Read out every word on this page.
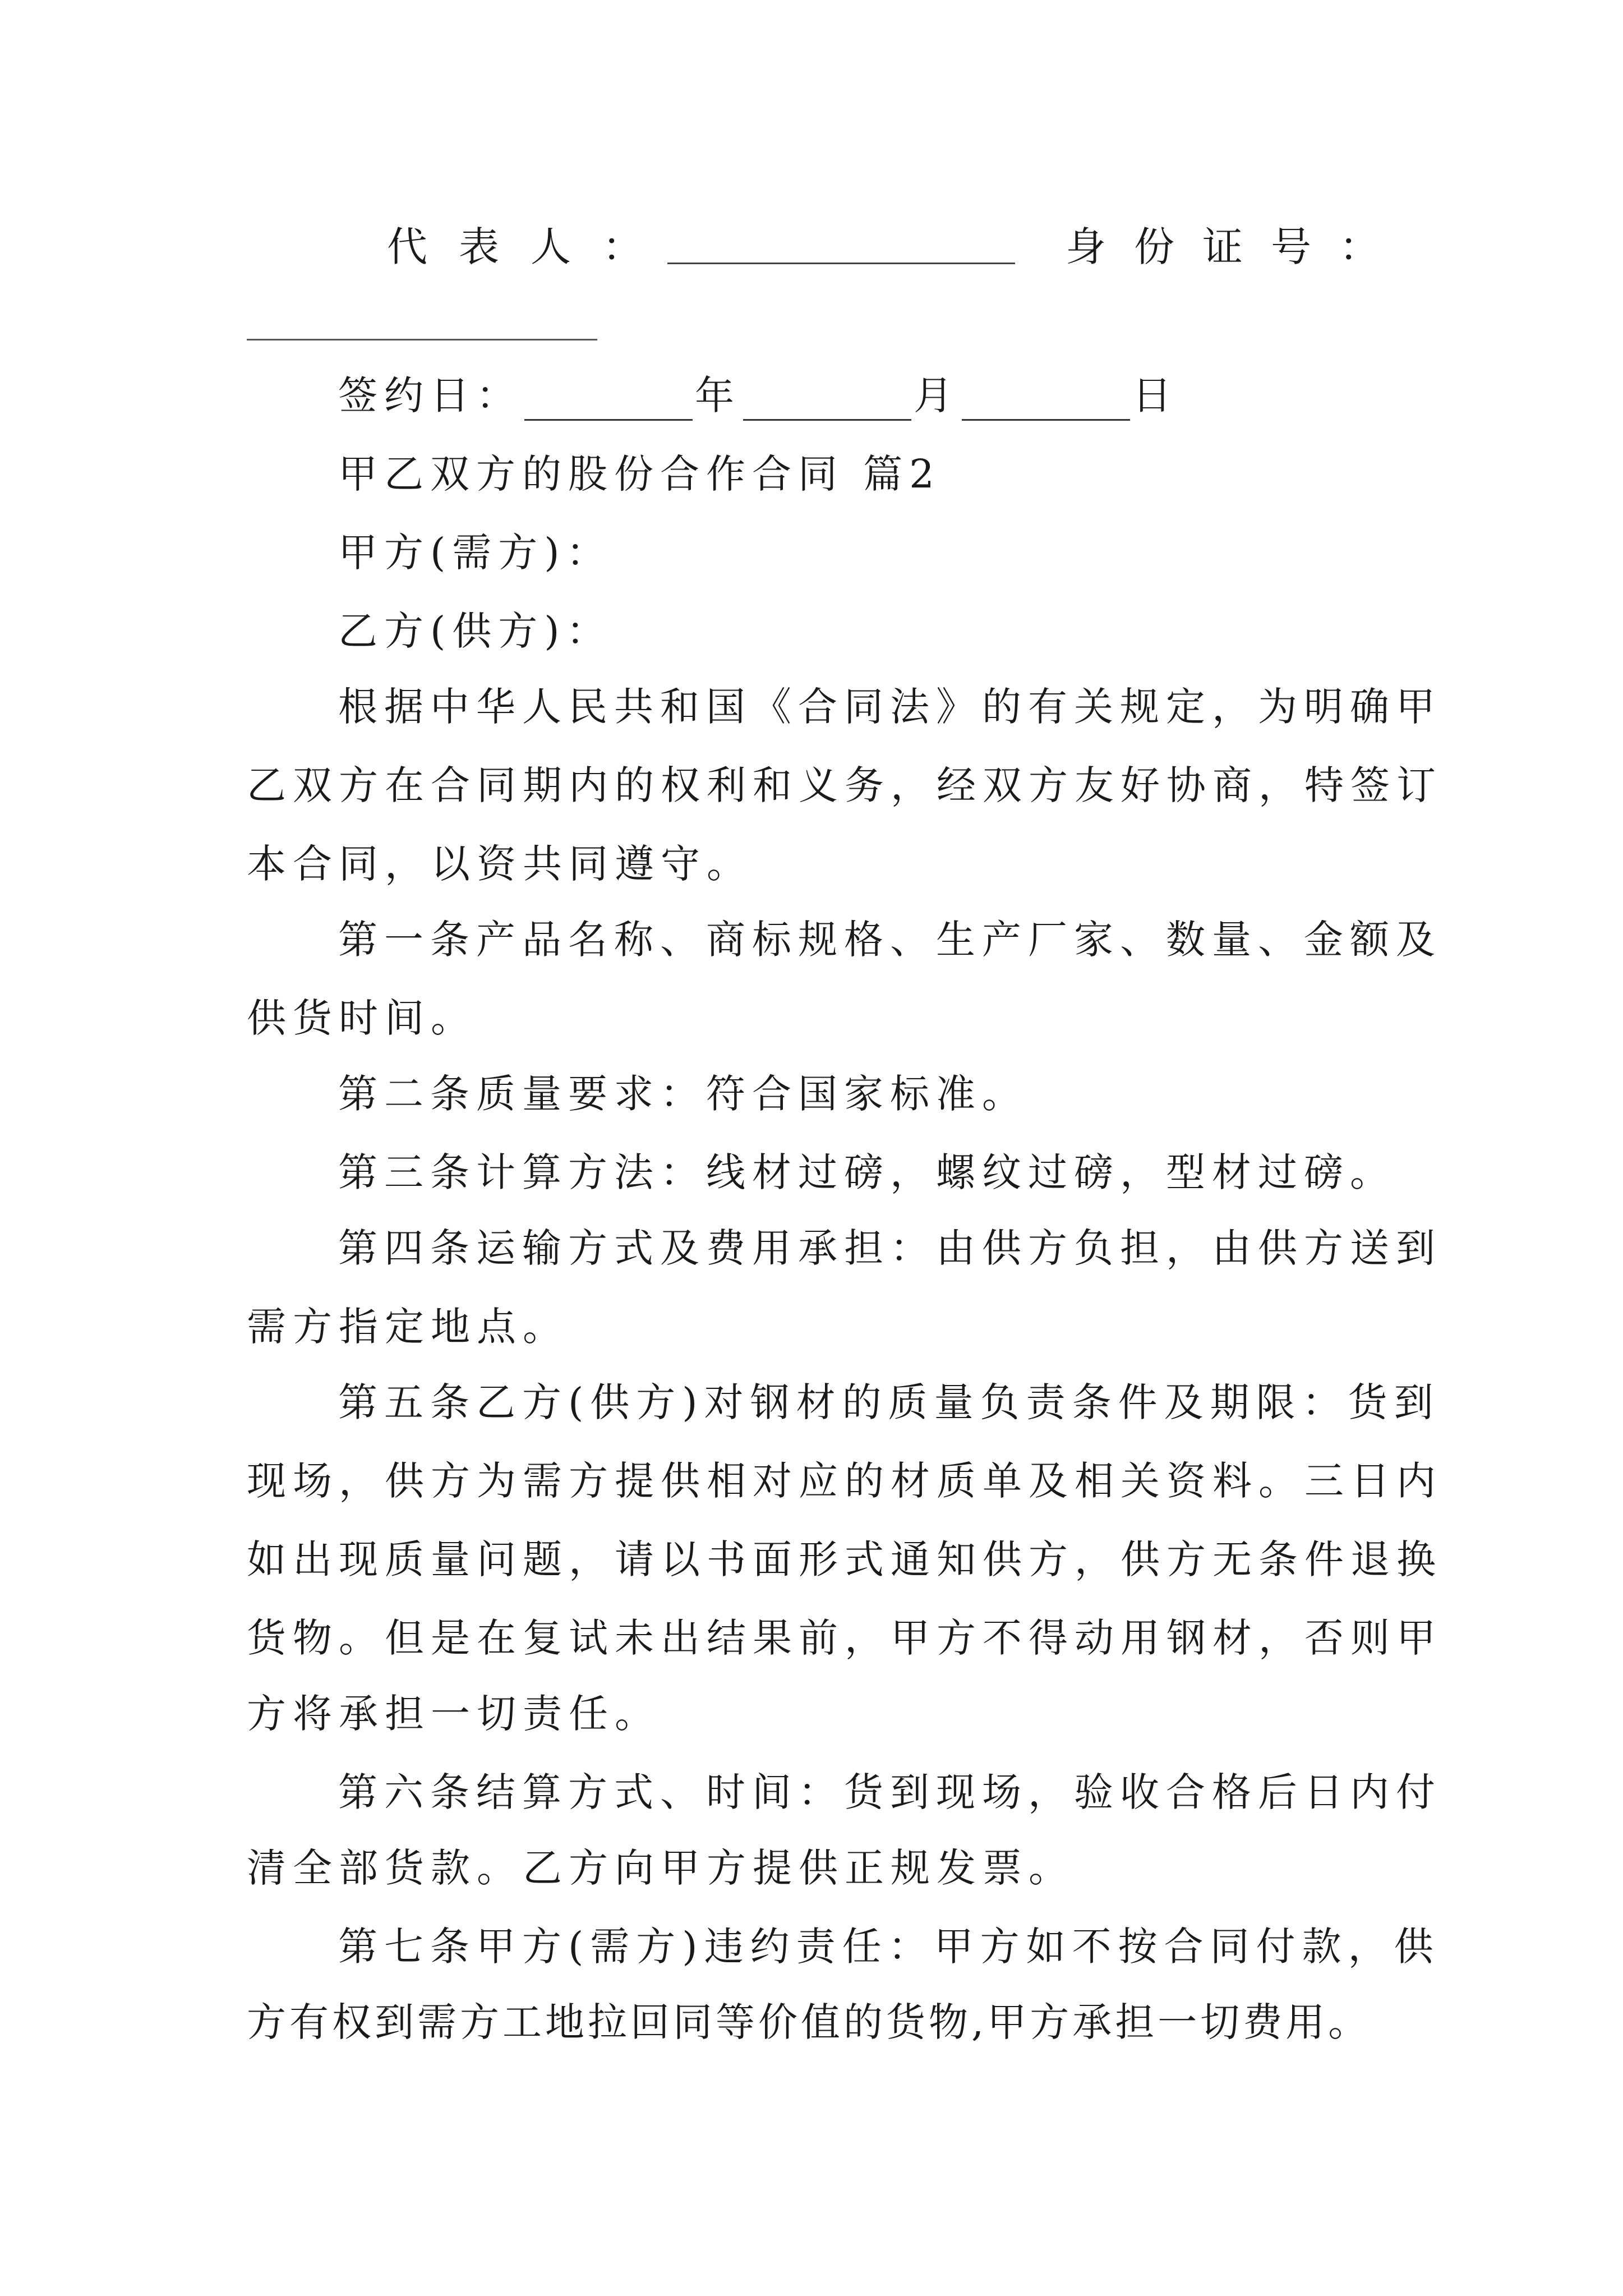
代表人：	身份证号：
签约日：	年	月	日
甲乙双方的股份合作合同 篇2
甲方(需方)：
乙方(供方)：
根据中华人民共和国《合同法》的有关规定，为明确甲
乙双方在合同期内的权利和义务，经双方友好协商，特签订
本合同，以资共同遵守。
第一条产品名称、商标规格、生产厂家、数量、金额及
供货时间。
第二条质量要求：符合国家标准。
第三条计算方法：线材过磅，螺纹过磅，型材过磅。
第四条运输方式及费用承担：由供方负担，由供方送到
需方指定地点。
第五条乙方(供方)对钢材的质量负责条件及期限：货到
现场，供方为需方提供相对应的材质单及相关资料。三日内
如出现质量问题，请以书面形式通知供方，供方无条件退换
货物。但是在复试未出结果前，甲方不得动用钢材，否则甲
方将承担一切责任。
第六条结算方式、时间：货到现场，验收合格后日内付
清全部货款。乙方向甲方提供正规发票。
第七条甲方(需方)违约责任：甲方如不按合同付款，供
方有权到需方工地拉回同等价值的货物,甲方承担一切费用。
